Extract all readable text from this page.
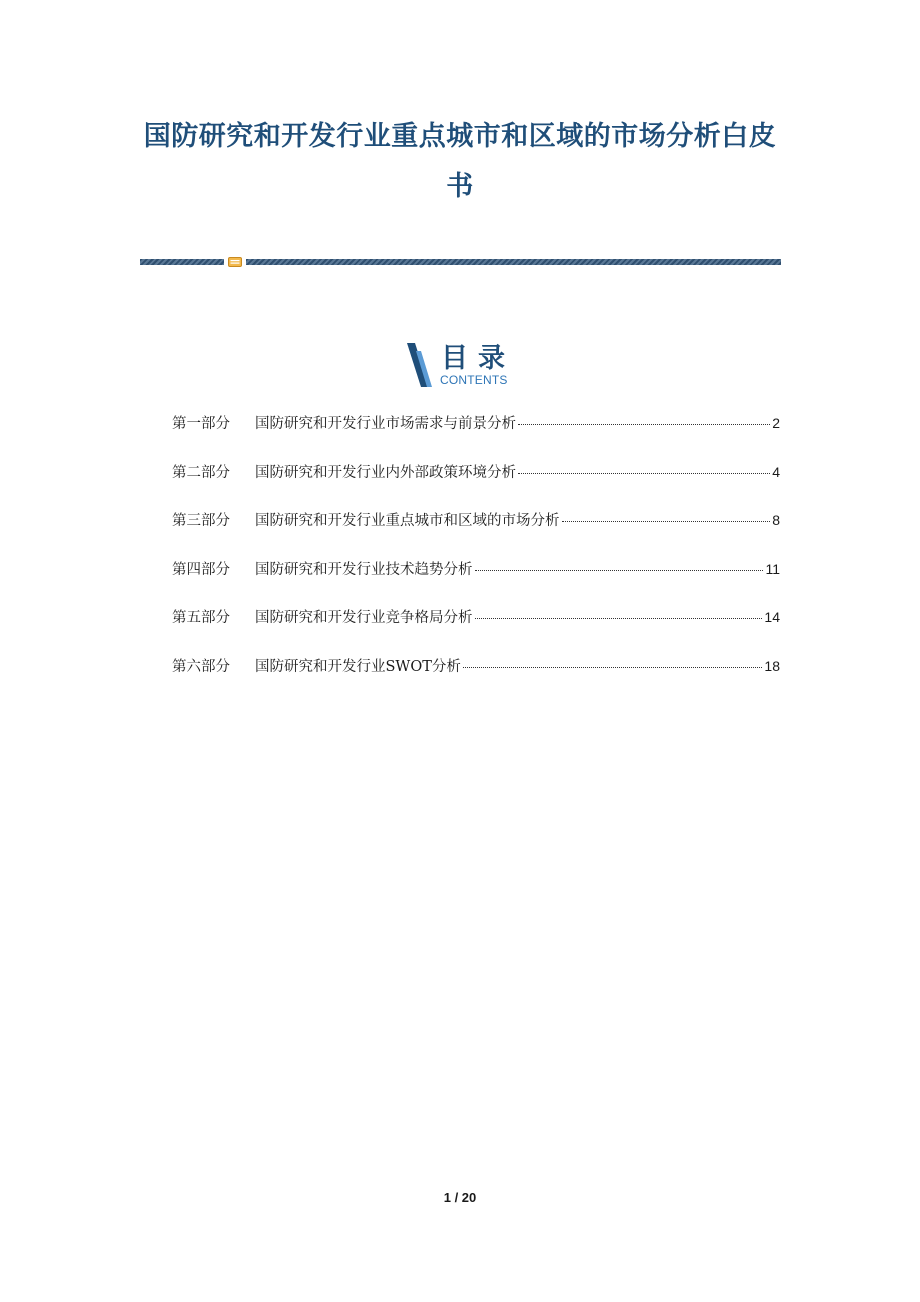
国防研究和开发行业重点城市和区域的市场分析白皮书
目录
CONTENTS
第一部分	国防研究和开发行业市场需求与前景分析	2
第二部分	国防研究和开发行业内外部政策环境分析	4
第三部分	国防研究和开发行业重点城市和区域的市场分析	8
第四部分	国防研究和开发行业技术趋势分析	11
第五部分	国防研究和开发行业竞争格局分析	14
第六部分	国防研究和开发行业SWOT分析	18
1 / 20
